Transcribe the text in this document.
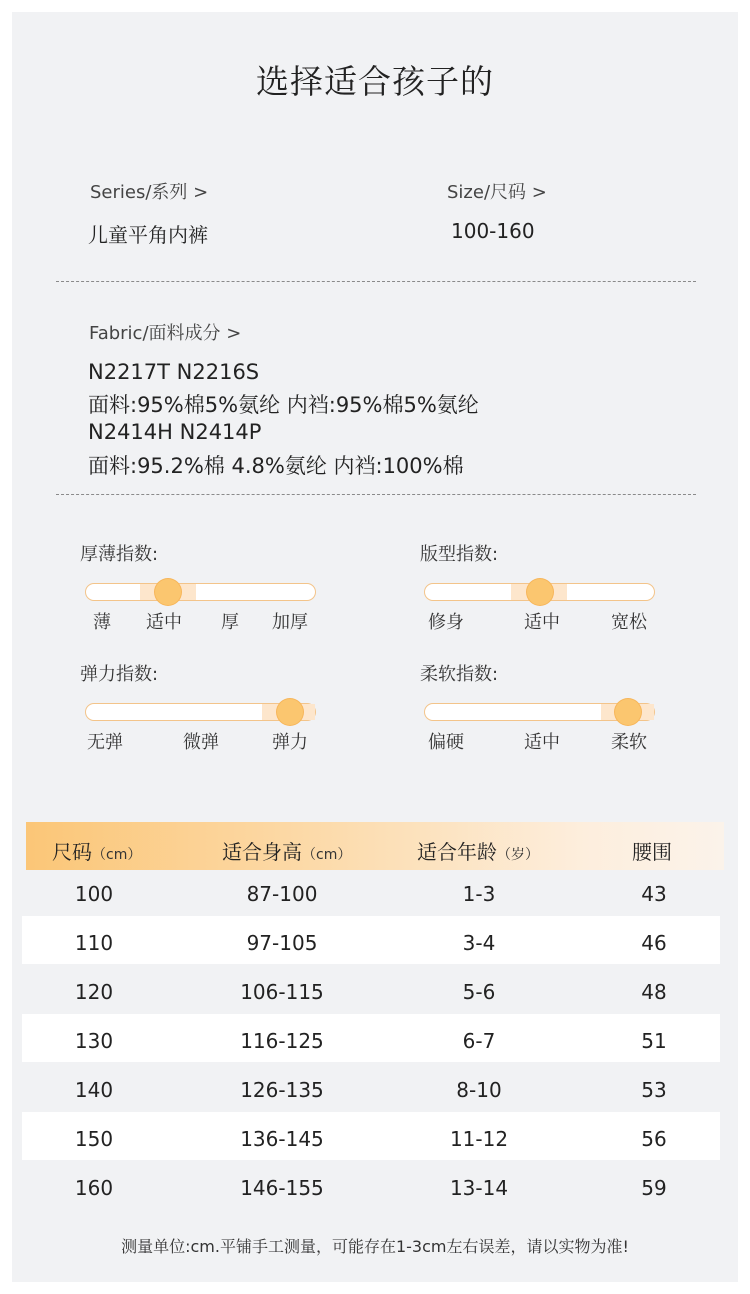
选择适合孩子的
Series/系列 >
儿童平角内裤
Size/尺码 >
100-160
Fabric/面料成分 >
N2217T N2216S
面料:95%棉5%氨纶 内裆:95%棉5%氨纶
N2414H N2414P
面料:95.2%棉 4.8%氨纶 内裆:100%棉
厚薄指数:
薄 适中 厚 加厚
版型指数:
修身	适中	宽松
弹力指数:
无弹	微弹	弹力
柔软指数:
偏硬	适中	柔软
尺码（cm）	适合身高（cm）	适合年龄（岁）	腰围
100	87-100	1-3	43
110	97-105	3-4	46
120	106-115	5-6	48
130	116-125	6-7	51
140	126-135	8-10	53
150	136-145	11-12	56
160	146-155	13-14	59
测量单位:cm.平铺手工测量，可能存在1-3cm左右误差，请以实物为准!
